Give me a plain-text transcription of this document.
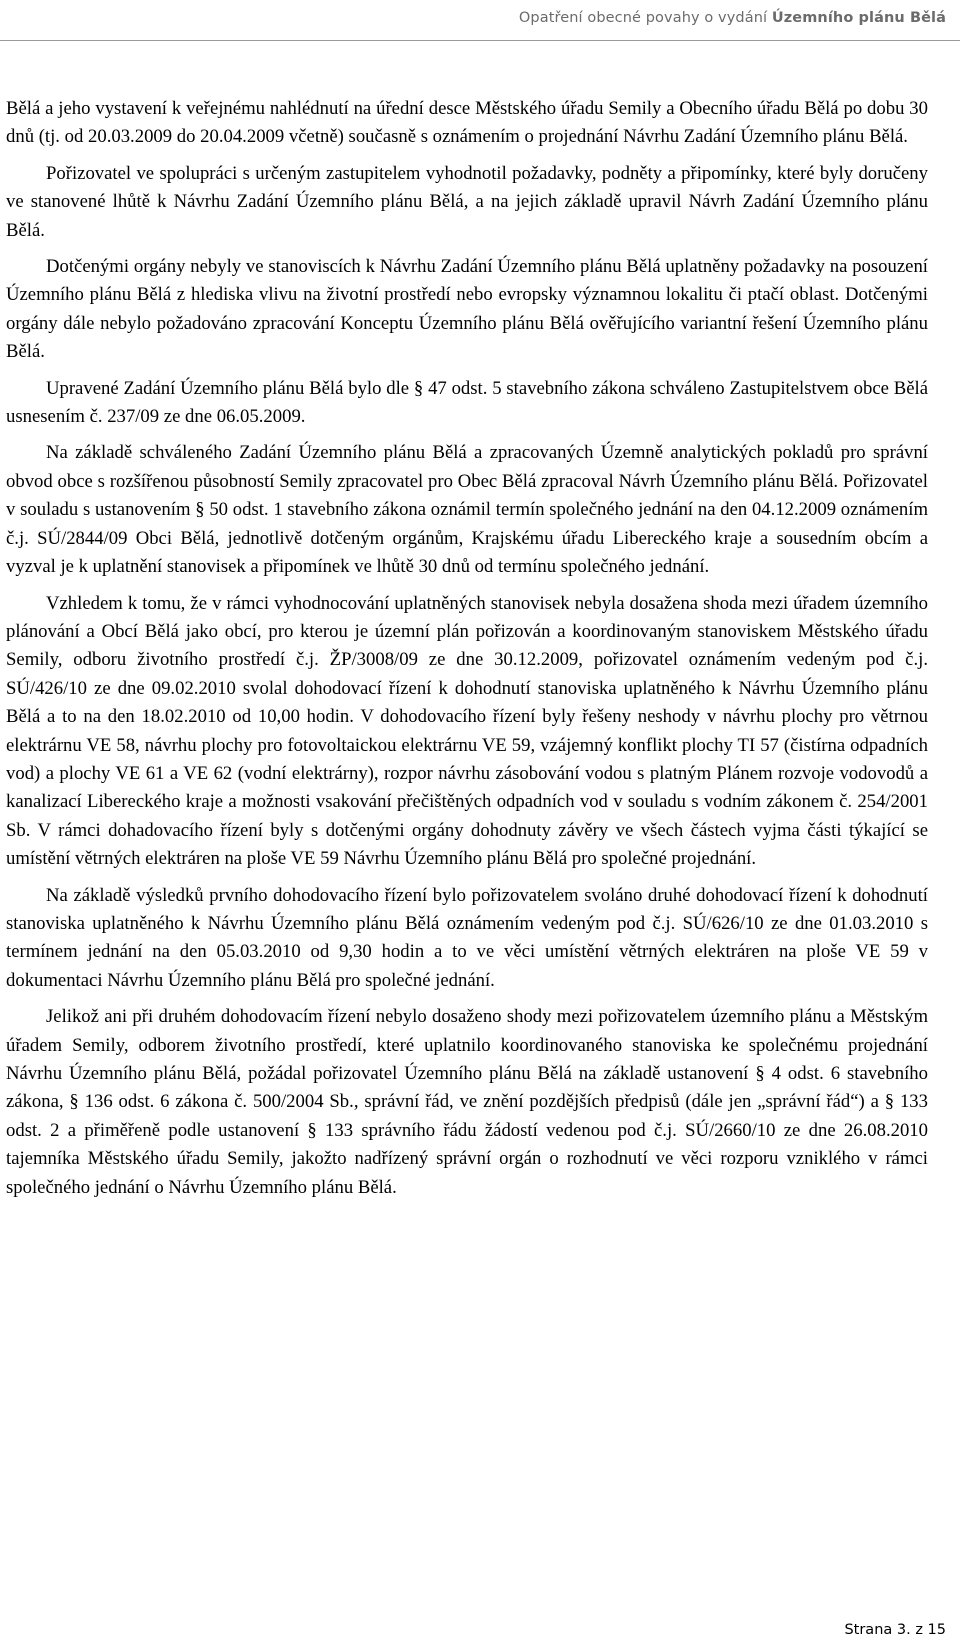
Opatření obecné povahy o vydání Územního plánu Bělá

Bělá a jeho vystavení k veřejnému nahlédnutí na úřední desce Městského úřadu Semily a Obecního úřadu Bělá po dobu 30 dnů (tj. od 20.03.2009 do 20.04.2009 včetně) současně s oznámením o projednání Návrhu Zadání Územního plánu Bělá.

Pořizovatel ve spolupráci s určeným zastupitelem vyhodnotil požadavky, podněty a připomínky, které byly doručeny ve stanovené lhůtě k Návrhu Zadání Územního plánu Bělá, a na jejich základě upravil Návrh Zadání Územního plánu Bělá.

Dotčenými orgány nebyly ve stanoviscích k Návrhu Zadání Územního plánu Bělá uplatněny požadavky na posouzení Územního plánu Bělá z hlediska vlivu na životní prostředí nebo evropsky významnou lokalitu či ptačí oblast. Dotčenými orgány dále nebylo požadováno zpracování Konceptu Územního plánu Bělá ověřujícího variantní řešení Územního plánu Bělá.

Upravené Zadání Územního plánu Bělá bylo dle § 47 odst. 5 stavebního zákona schváleno Zastupitelstvem obce Bělá usnesením č. 237/09 ze dne 06.05.2009.

Na základě schváleného Zadání Územního plánu Bělá a zpracovaných Územně analytických pokladů pro správní obvod obce s rozšířenou působností Semily zpracovatel pro Obec Bělá zpracoval Návrh Územního plánu Bělá. Pořizovatel v souladu s ustanovením § 50 odst. 1 stavebního zákona oznámil termín společného jednání na den 04.12.2009 oznámením č.j. SÚ/2844/09 Obci Bělá, jednotlivě dotčeným orgánům, Krajskému úřadu Libereckého kraje a sousedním obcím a vyzval je k uplatnění stanovisek a připomínek ve lhůtě 30 dnů od termínu společného jednání.

Vzhledem k tomu, že v rámci vyhodnocování uplatněných stanovisek nebyla dosažena shoda mezi úřadem územního plánování a Obcí Bělá jako obcí, pro kterou je územní plán pořizován a koordinovaným stanoviskem Městského úřadu Semily, odboru životního prostředí č.j. ŽP/3008/09 ze dne 30.12.2009, pořizovatel oznámením vedeným pod č.j. SÚ/426/10 ze dne 09.02.2010 svolal dohodovací řízení k dohodnutí stanoviska uplatněného k Návrhu Územního plánu Bělá a to na den 18.02.2010 od 10,00 hodin. V dohodovacího řízení byly řešeny neshody v návrhu plochy pro větrnou elektrárnu VE 58, návrhu plochy pro fotovoltaickou elektrárnu VE 59, vzájemný konflikt plochy TI 57 (čistírna odpadních vod) a plochy VE 61 a VE 62 (vodní elektrárny), rozpor návrhu zásobování vodou s platným Plánem rozvoje vodovodů a kanalizací Libereckého kraje a možnosti vsakování přečištěných odpadních vod v souladu s vodním zákonem č. 254/2001 Sb. V rámci dohadovacího řízení byly s dotčenými orgány dohodnuty závěry ve všech částech vyjma části týkající se umístění větrných elektráren na ploše VE 59 Návrhu Územního plánu Bělá pro společné projednání.

Na základě výsledků prvního dohodovacího řízení bylo pořizovatelem svoláno druhé dohodovací řízení k dohodnutí stanoviska uplatněného k Návrhu Územního plánu Bělá oznámením vedeným pod č.j. SÚ/626/10 ze dne 01.03.2010 s termínem jednání na den 05.03.2010 od 9,30 hodin a to ve věci umístění větrných elektráren na ploše VE 59 v dokumentaci Návrhu Územního plánu Bělá pro společné jednání.

Jelikož ani při druhém dohodovacím řízení nebylo dosaženo shody mezi pořizovatelem územního plánu a Městským úřadem Semily, odborem životního prostředí, které uplatnilo koordinovaného stanoviska ke společnému projednání Návrhu Územního plánu Bělá, požádal pořizovatel Územního plánu Bělá na základě ustanovení § 4 odst. 6 stavebního zákona, § 136 odst. 6 zákona č. 500/2004 Sb., správní řád, ve znění pozdějších předpisů (dále jen „správní řád“) a § 133 odst. 2 a přiměřeně podle ustanovení § 133 správního řádu žádostí vedenou pod č.j. SÚ/2660/10 ze dne 26.08.2010 tajemníka Městského úřadu Semily, jakožto nadřízený správní orgán o rozhodnutí ve věci rozporu vzniklého v rámci společného jednání o Návrhu Územního plánu Bělá.

Strana 3. z 15
